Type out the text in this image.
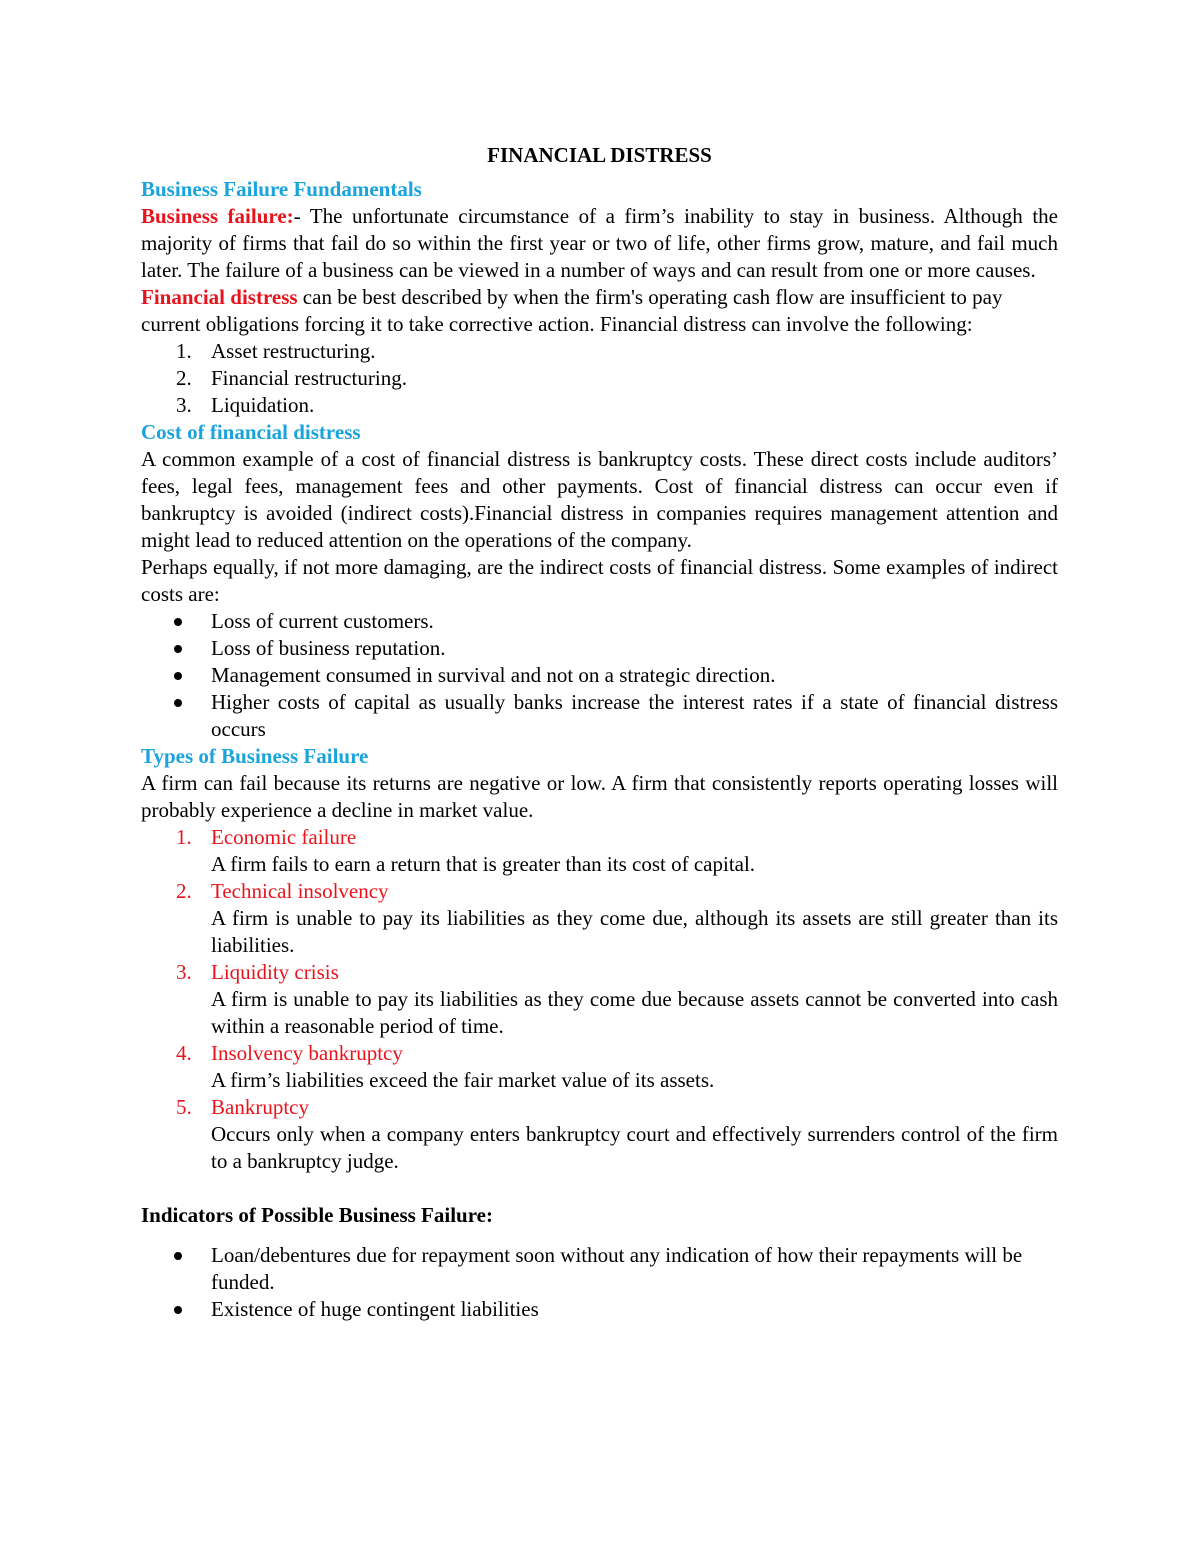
FINANCIAL DISTRESS

Business Failure Fundamentals

Business failure:- The unfortunate circumstance of a firm’s inability to stay in business. Although the majority of firms that fail do so within the first year or two of life, other firms grow, mature, and fail much later. The failure of a business can be viewed in a number of ways and can result from one or more causes.

Financial distress can be best described by when the firm's operating cash flow are insufficient to pay current obligations forcing it to take corrective action. Financial distress can involve the following:

1. Asset restructuring.

2. Financial restructuring.

3. Liquidation.

Cost of financial distress

A common example of a cost of financial distress is bankruptcy costs. These direct costs include auditors’ fees, legal fees, management fees and other payments. Cost of financial distress can occur even if bankruptcy is avoided (indirect costs).Financial distress in companies requires management attention and might lead to reduced attention on the operations of the company.

Perhaps equally, if not more damaging, are the indirect costs of financial distress. Some examples of indirect costs are:

Loss of current customers.

Loss of business reputation.

Management consumed in survival and not on a strategic direction.

Higher costs of capital as usually banks increase the interest rates if a state of financial distress occurs

Types of Business Failure

A firm can fail because its returns are negative or low. A firm that consistently reports operating losses will probably experience a decline in market value.

1. Economic failure
A firm fails to earn a return that is greater than its cost of capital.

2. Technical insolvency
A firm is unable to pay its liabilities as they come due, although its assets are still greater than its liabilities.

3. Liquidity crisis
A firm is unable to pay its liabilities as they come due because assets cannot be converted into cash within a reasonable period of time.

4. Insolvency bankruptcy
A firm’s liabilities exceed the fair market value of its assets.

5. Bankruptcy
Occurs only when a company enters bankruptcy court and effectively surrenders control of the firm to a bankruptcy judge.

Indicators of Possible Business Failure:

Loan/debentures due for repayment soon without any indication of how their repayments will be funded.

Existence of huge contingent liabilities
